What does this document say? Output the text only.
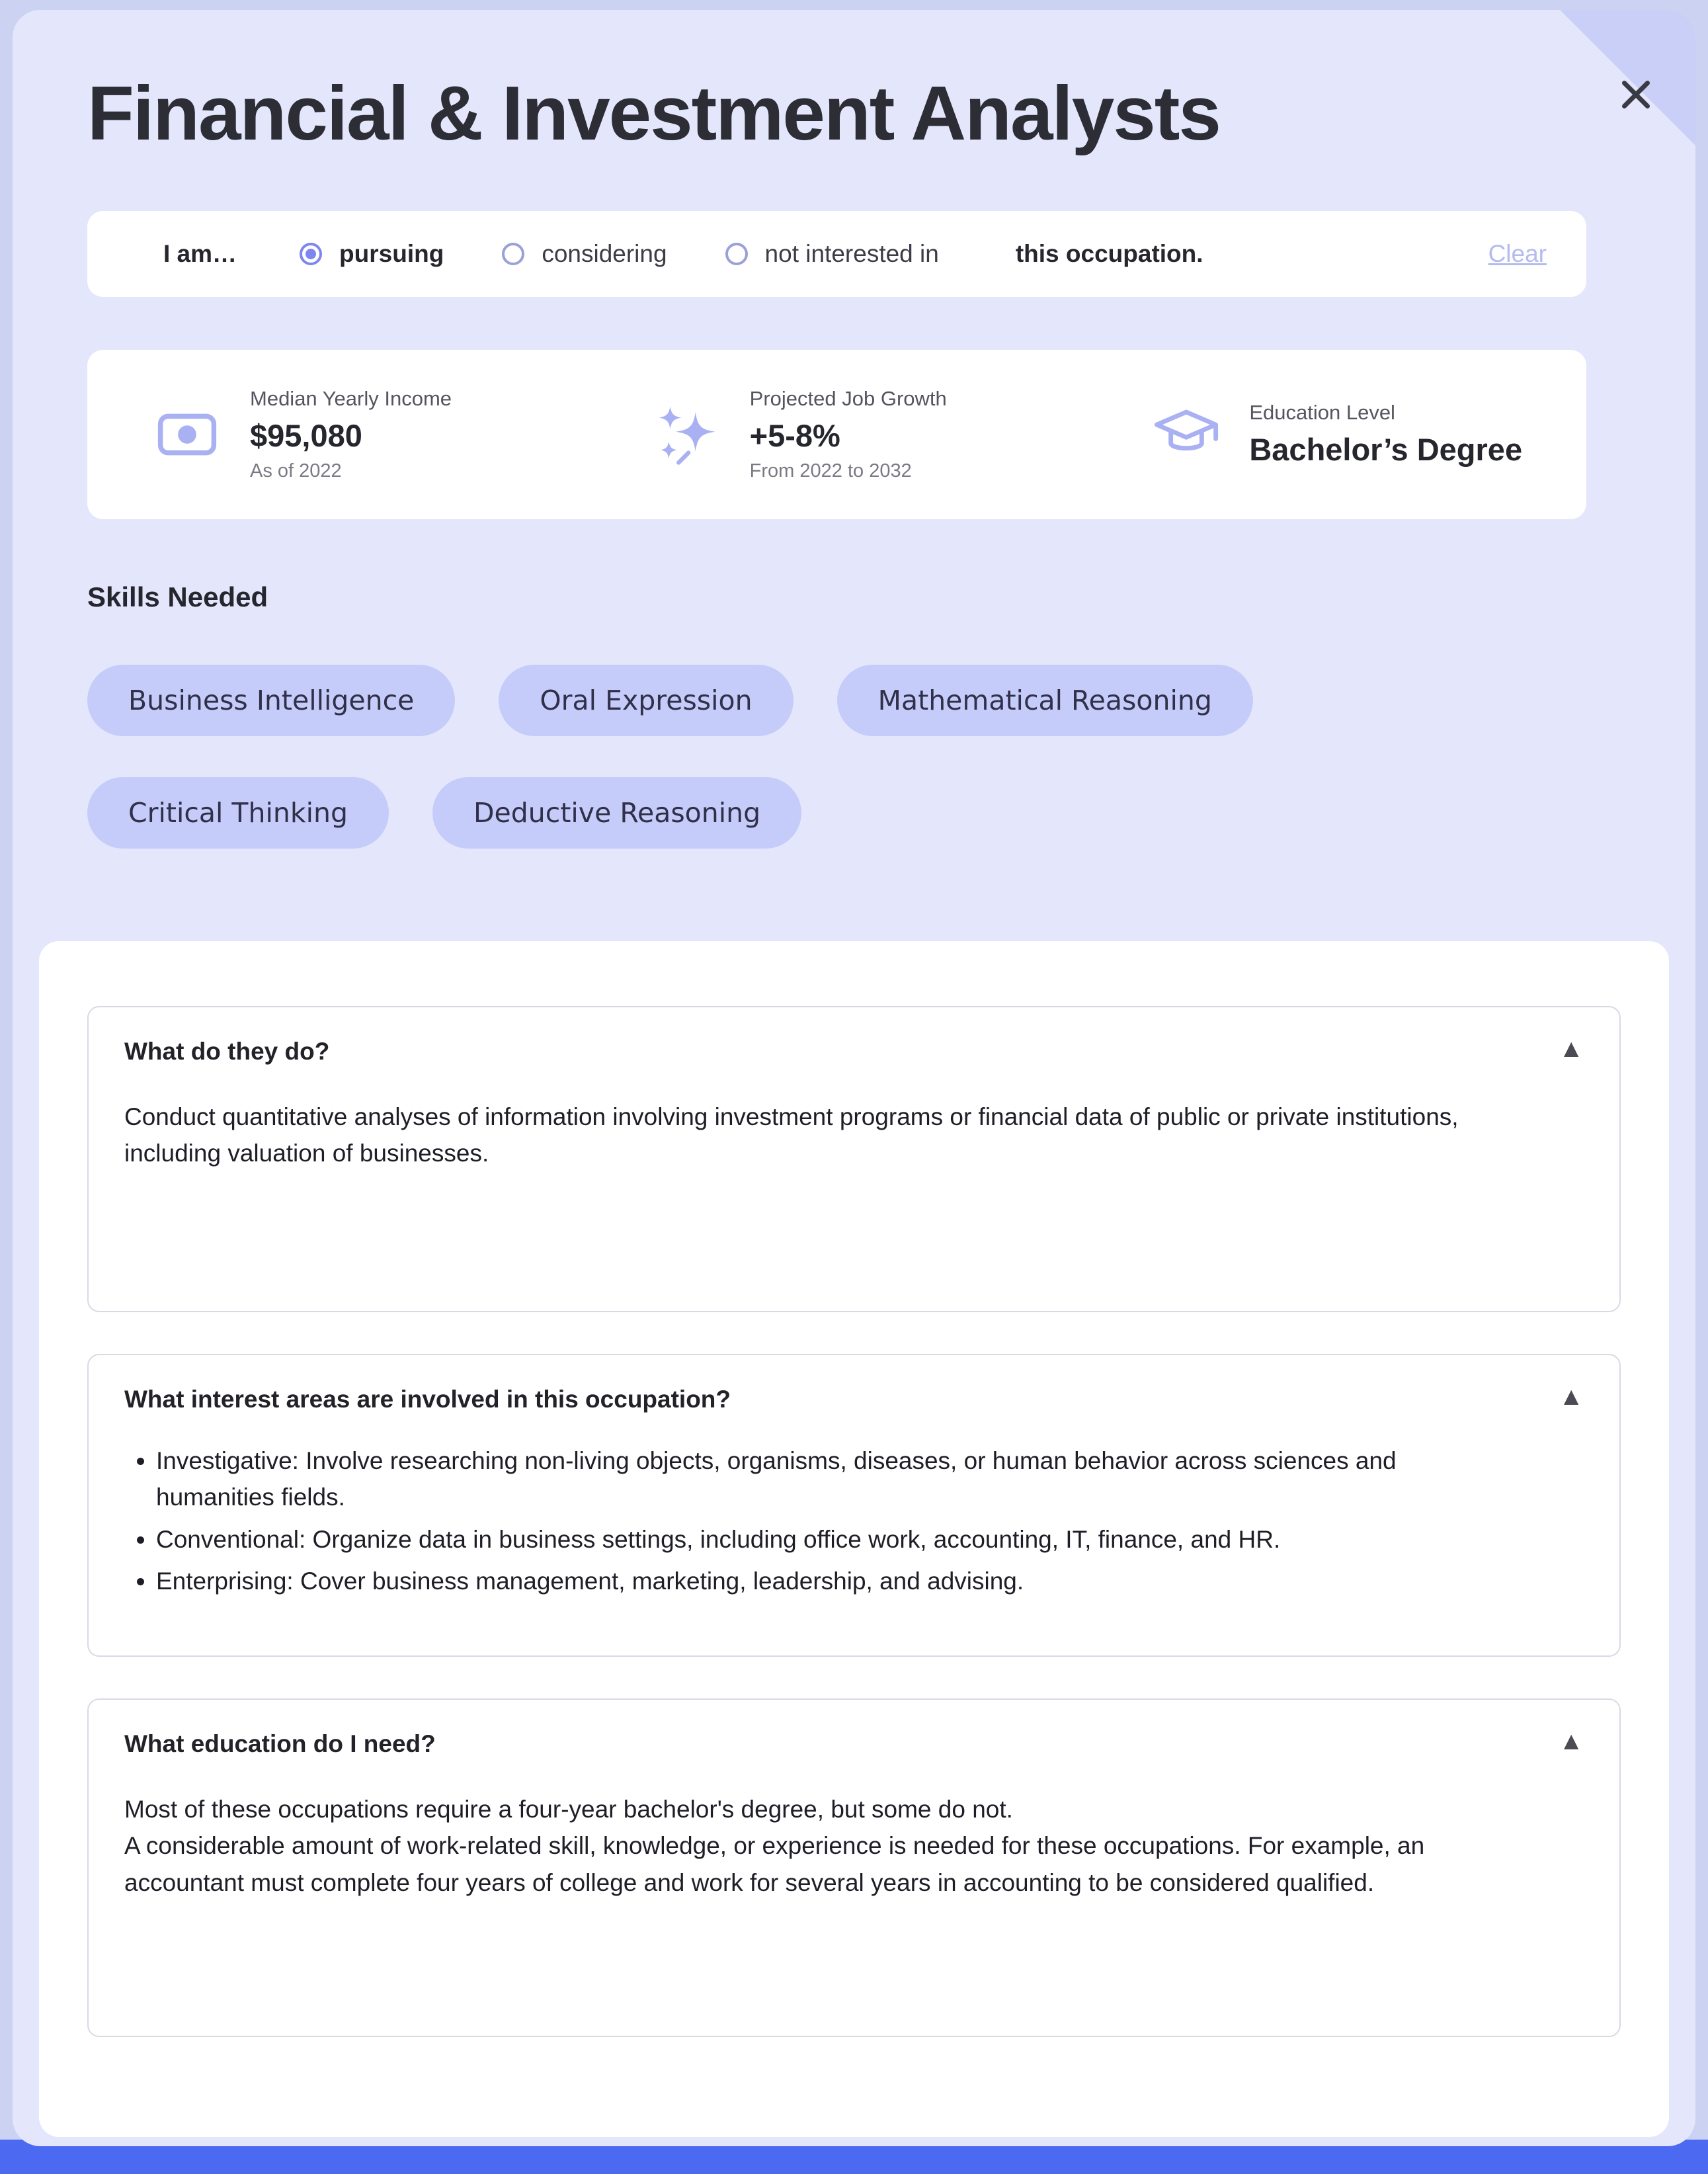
Financial & Investment Analysts
I am…	pursuing	considering	not interested in	this occupation.	Clear
Median Yearly Income
$95,080
As of 2022
Projected Job Growth
+5-8%
From 2022 to 2032
Education Level
Bachelor’s Degree
Skills Needed
Business Intelligence	Oral Expression	Mathematical Reasoning
Critical Thinking	Deductive Reasoning
What do they do?	▲

Conduct quantitative analyses of information involving investment programs or financial data of public or private institutions, including valuation of businesses.

What interest areas are involved in this occupation?	▲
• Investigative: Involve researching non-living objects, organisms, diseases, or human behavior across sciences and humanities fields.
• Conventional: Organize data in business settings, including office work, accounting, IT, finance, and HR.
• Enterprising: Cover business management, marketing, leadership, and advising.
What education do I need?	▲

Most of these occupations require a four-year bachelor's degree, but some do not.

A considerable amount of work-related skill, knowledge, or experience is needed for these occupations. For example, an accountant must complete four years of college and work for several years in accounting to be considered qualified.
